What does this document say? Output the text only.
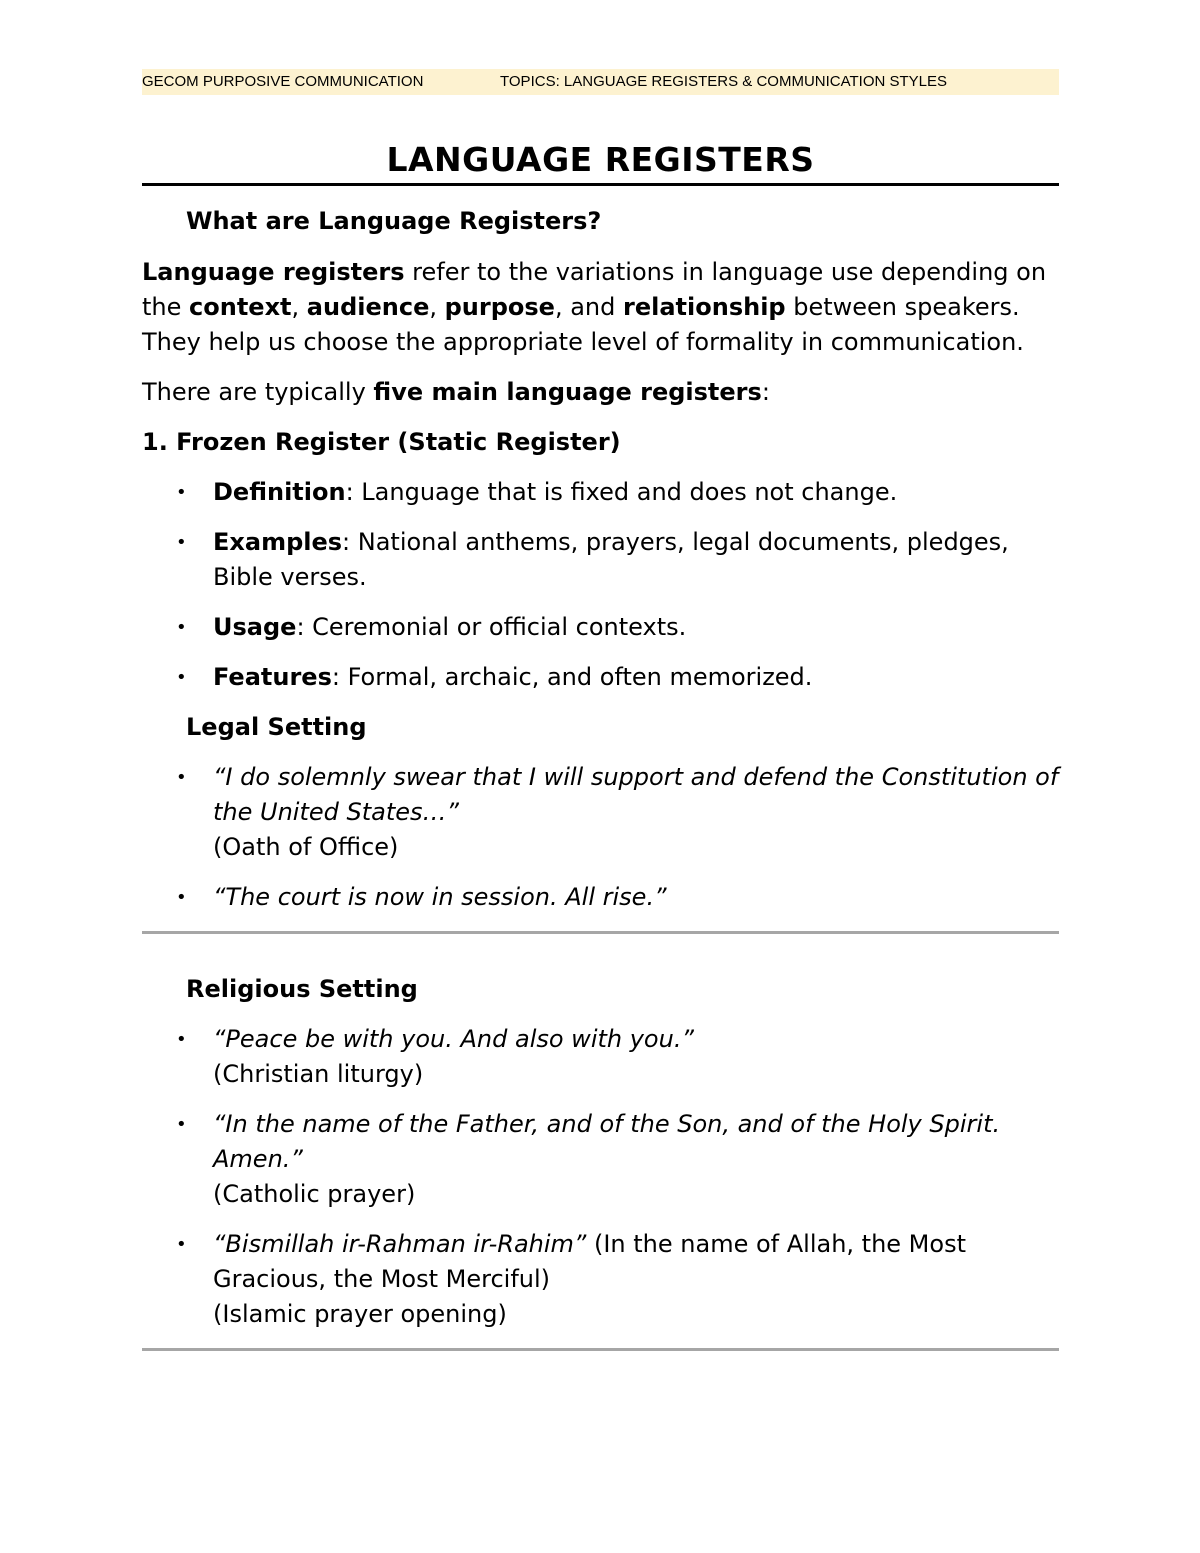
GECOM PURPOSIVE COMMUNICATION	TOPICS: LANGUAGE REGISTERS & COMMUNICATION STYLES
LANGUAGE REGISTERS

What are Language Registers?

Language registers refer to the variations in language use depending on the context, audience, purpose, and relationship between speakers. They help us choose the appropriate level of formality in communication.

There are typically five main language registers:

1. Frozen Register (Static Register)

• Definition: Language that is fixed and does not change.
• Examples: National anthems, prayers, legal documents, pledges, Bible verses.
• Usage: Ceremonial or official contexts.
• Features: Formal, archaic, and often memorized.

Legal Setting

• “I do solemnly swear that I will support and defend the Constitution of the United States…”
(Oath of Office)
• “The court is now in session. All rise.”

Religious Setting

• “Peace be with you. And also with you.”
(Christian liturgy)
• “In the name of the Father, and of the Son, and of the Holy Spirit. Amen.”
(Catholic prayer)
• “Bismillah ir-Rahman ir-Rahim” (In the name of Allah, the Most Gracious, the Most Merciful)
(Islamic prayer opening)
